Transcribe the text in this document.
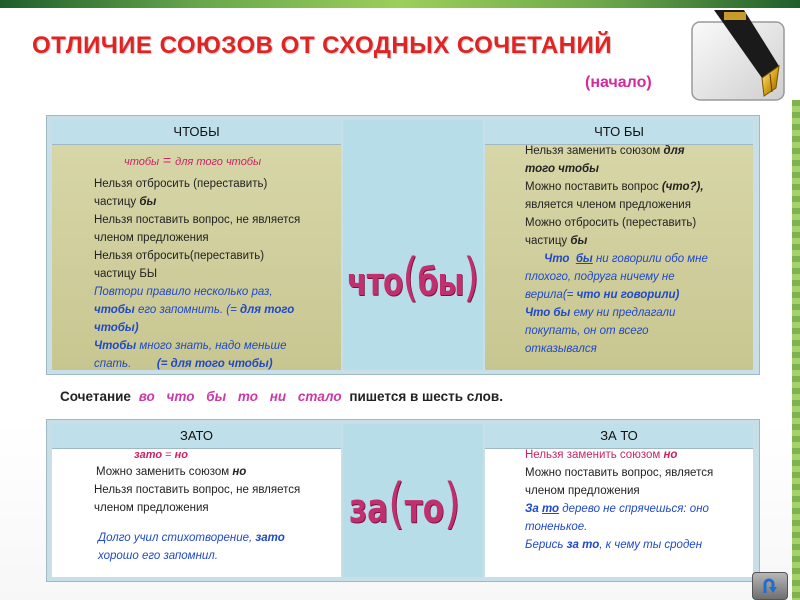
ОТЛИЧИЕ СОЮЗОВ ОТ СХОДНЫХ СОЧЕТАНИЙ
(начало)
ЧТОБЫ	ЧТО БЫ
чтобы = для того чтобы
Нельзя отбросить (переставить)
частицу бы
Нельзя поставить вопрос, не является
членом предложения
Нельзя отбросить(переставить)
частицу БЫ
Повтори правило несколько раз,
чтобы его запомнить. (= для того
чтобы)
Чтобы много знать, надо меньше
спать. (= для того чтобы)
Нельзя заменить союзом для
того чтобы
Можно поставить вопрос (что?),
является членом предложения
Можно отбросить (переставить)
частицу бы
Что бы ни говорили обо мне
плохого, подруга ничему не
верила(= что ни говорили)
Что бы ему ни предлагали
покупать, он от всего
отказывался
что(бы)
Сочетание во что бы то ни стало пишется в шесть слов.
ЗАТО	ЗА ТО
зато = но
Можно заменить союзом но
Нельзя поставить вопрос, не является
членом предложения
Долго учил стихотворение, зато
хорошо его запомнил.
Нельзя заменить союзом но
Можно поставить вопрос, является
членом предложения
За то дерево не спрячешься: оно
тоненькое.
Берись за то, к чему ты сроден
за(то)
